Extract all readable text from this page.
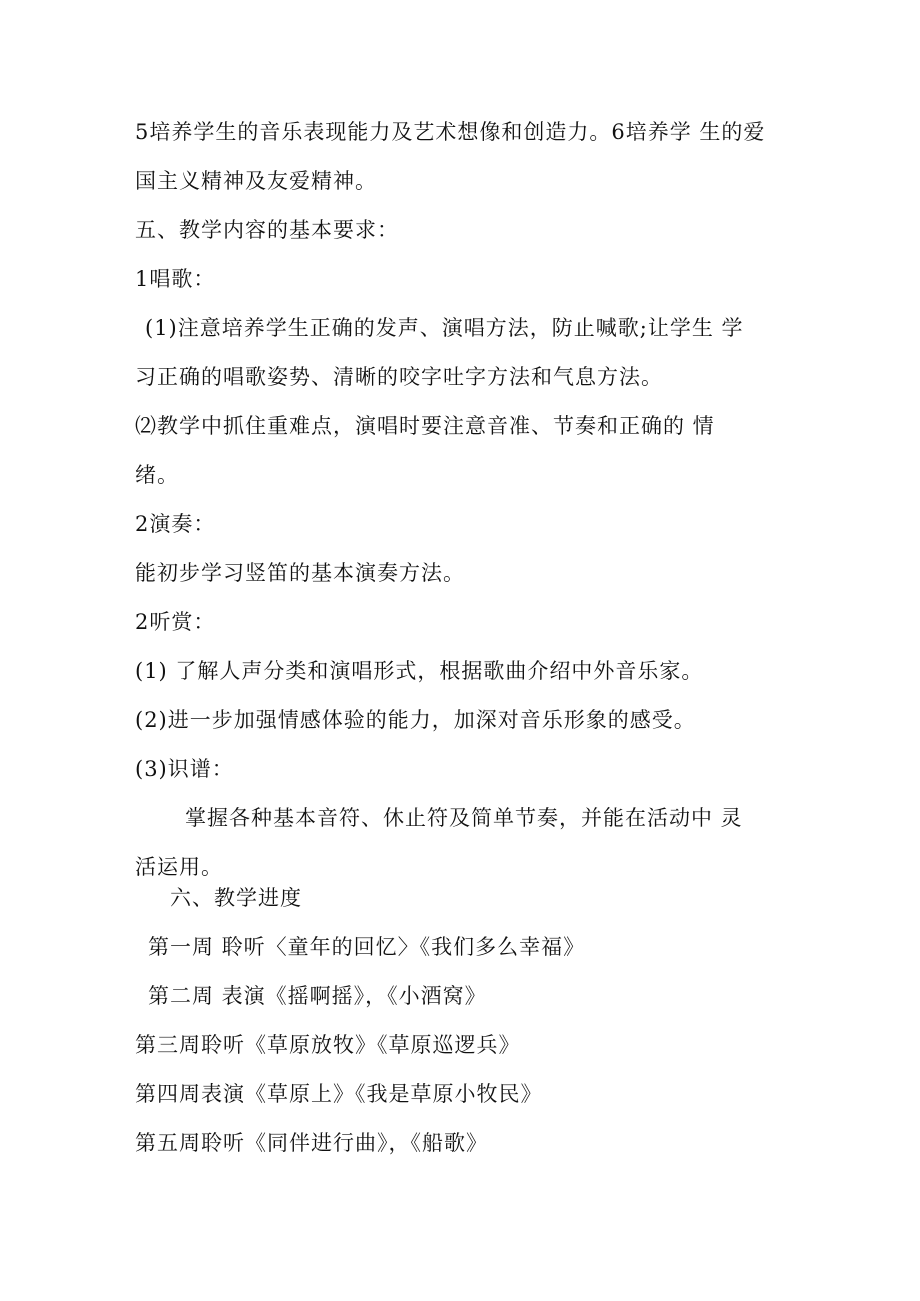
5培养学生的音乐表现能力及艺术想像和创造力。6培养学 生的爱
国主义精神及友爱精神。
五、教学内容的基本要求：
1唱歌：
(1)注意培养学生正确的发声、演唱方法，防止喊歌;让学生 学
习正确的唱歌姿势、清晰的咬字吐字方法和气息方法。
⑵教学中抓住重难点，演唱时要注意音准、节奏和正确的 情
绪。
2演奏：
能初步学习竖笛的基本演奏方法。
2听赏：
(1) 了解人声分类和演唱形式，根据歌曲介绍中外音乐家。
(2)进一步加强情感体验的能力，加深对音乐形象的感受。
(3)识谱：
掌握各种基本音符、休止符及简单节奏，并能在活动中 灵
活运用。
六、教学进度
第一周 聆听〈童年的回忆〉《我们多么幸福》
第二周 表演《摇啊摇》，《小酒窝》
第三周聆听《草原放牧》《草原巡逻兵》
第四周表演《草原上》《我是草原小牧民》
第五周聆听《同伴进行曲》，《船歌》
